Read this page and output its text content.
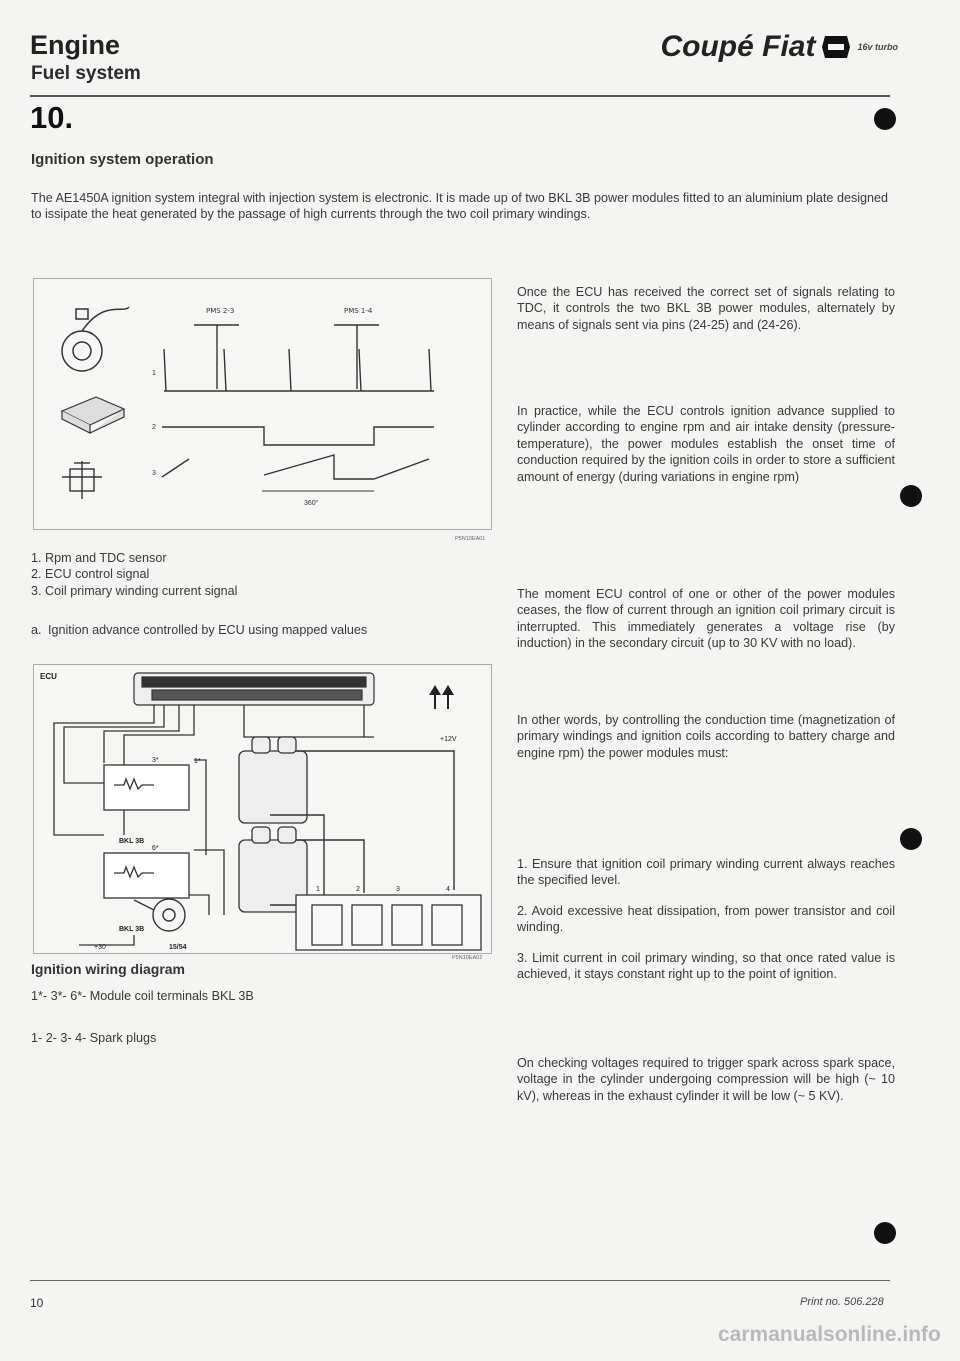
Engine
Fuel system
Coupé Fiat	16v turbo
10.
Ignition system operation

The AE1450A ignition system integral with injection system is electronic. It is made up of two BKL 3B power modules fitted to an aluminium plate designed to issipate the heat generated by the passage of high currents through the two coil primary windings.

PMS 2-3	PMS 1-4
1
2
3
360°
P5N10EA01
1. Rpm and TDC sensor
2. ECU control signal
3. Coil primary winding current signal
a. Ignition advance controlled by ECU using mapped values
ECU
+12V
BKL 3B
3*	1*
BKL 3B
6*
1	2	3	4
+30	15/54
P5N10EA02
Ignition wiring diagram
1*- 3*- 6*- Module coil terminals BKL 3B
1- 2- 3- 4- Spark plugs

Once the ECU has received the correct set of signals relating to TDC, it controls the two BKL 3B power modules, alternately by means of signals sent via pins (24-25) and (24-26).

In practice, while the ECU controls ignition advance supplied to cylinder according to engine rpm and air intake density (pressure-temperature), the power modules establish the onset time of conduction required by the ignition coils in order to store a sufficient amount of energy (during variations in engine rpm)

The moment ECU control of one or other of the power modules ceases, the flow of current through an ignition coil primary circuit is interrupted. This immediately generates a voltage rise (by induction) in the secondary circuit (up to 30 KV with no load).

In other words, by controlling the conduction time (magnetization of primary windings and ignition coils according to battery charge and engine rpm) the power modules must:

1. Ensure that ignition coil primary winding current always reaches the specified level.
2. Avoid excessive heat dissipation, from power transistor and coil winding.
3. Limit current in coil primary winding, so that once rated value is achieved, it stays constant right up to the point of ignition.

On checking voltages required to trigger spark across spark space, voltage in the cylinder undergoing compression will be high (~ 10 kV), whereas in the exhaust cylinder it will be low (~ 5 KV).

10	Print no. 506.228
carmanualsonline.info
